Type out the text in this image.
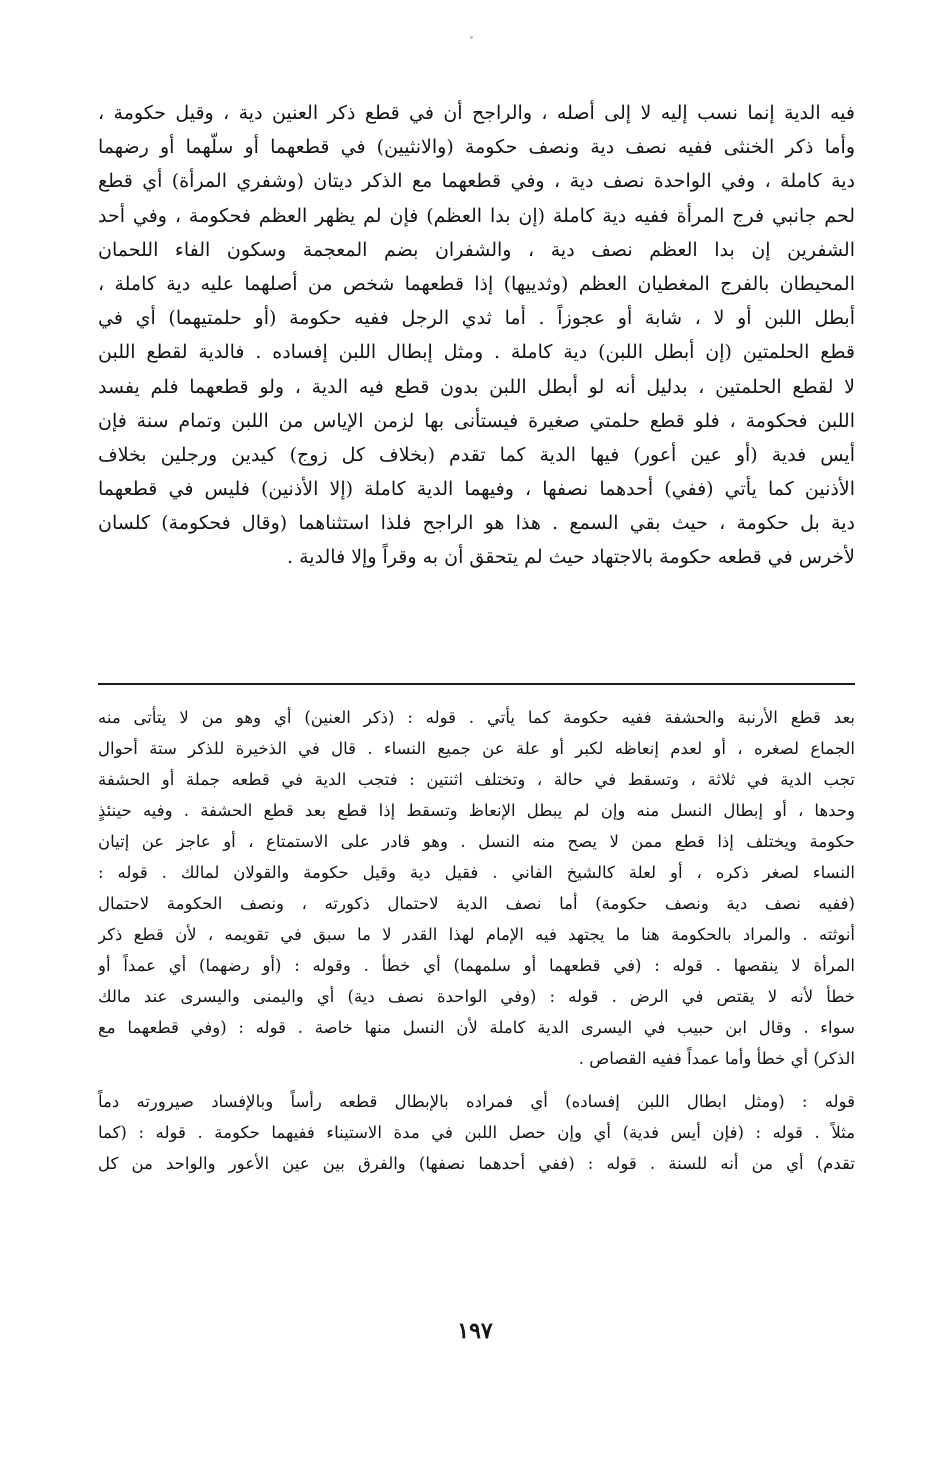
فيه الدية إنما نسب إليه لا إلى أصله ، والراجح أن في قطع ذكر العنين دية ، وقيل حكومة ،
وأما ذكر الخنثى ففيه نصف دية ونصف حكومة (والانثيين) في قطعهما أو سلّهما أو رضهما
دية كاملة ، وفي الواحدة نصف دية ، وفي قطعهما مع الذكر ديتان (وشفري المرأة) أي قطع
لحم جانبي فرج المرأة ففيه دية كاملة (إن بدا العظم) فإن لم يظهر العظم فحكومة ، وفي أحد
الشفرين إن بدا العظم نصف دية ، والشفران بضم المعجمة وسكون الفاء اللحمان
المحيطان بالفرج المغطيان العظم (وثدييها) إذا قطعهما شخص من أصلهما عليه دية كاملة ،
أبطل اللبن أو لا ، شابة أو عجوزاً . أما ثدي الرجل ففيه حكومة (أو حلمتيهما) أي في
قطع الحلمتين (إن أبطل اللبن) دية كاملة . ومثل إبطال اللبن إفساده . فالدية لقطع اللبن
لا لقطع الحلمتين ، بدليل أنه لو أبطل اللبن بدون قطع فيه الدية ، ولو قطعهما فلم يفسد
اللبن فحكومة ، فلو قطع حلمتي صغيرة فيستأنى بها لزمن الإياس من اللبن وتمام سنة فإن
أيس فدية (أو عين أعور) فيها الدية كما تقدم (بخلاف كل زوج) كيدين ورجلين بخلاف
الأذنين كما يأتي (ففي) أحدهما نصفها ، وفيهما الدية كاملة (إلا الأذنين) فليس في قطعهما
دية بل حكومة ، حيث بقي السمع . هذا هو الراجح فلذا استثناهما (وقال فحكومة) كلسان
لأخرس في قطعه حكومة بالاجتهاد حيث لم يتحقق أن به وقراً وإلا فالدية .
بعد قطع الأرنبة والحشفة ففيه حكومة كما يأتي . قوله : (ذكر العنين) أي وهو من لا يتأتى منه
الجماع لصغره ، أو لعدم إنعاظه لكبر أو علة عن جميع النساء . قال في الذخيرة للذكر ستة أحوال
تجب الدية في ثلاثة ، وتسقط في حالة ، وتختلف اثنتين : فتجب الدية في قطعه جملة أو الحشفة
وحدها ، أو إبطال النسل منه وإن لم يبطل الإنعاظ وتسقط إذا قطع بعد قطع الحشفة . وفيه حينئذٍ
حكومة ويختلف إذا قطع ممن لا يصح منه النسل . وهو قادر على الاستمتاع ، أو عاجز عن إتيان
النساء لصغر ذكره ، أو لعلة كالشيخ الفاني . فقيل دية وقيل حكومة والقولان لمالك . قوله :
(ففيه نصف دية ونصف حكومة) أما نصف الدية لاحتمال ذكورته ، ونصف الحكومة لاحتمال
أنوثته . والمراد بالحكومة هنا ما يجتهد فيه الإمام لهذا القدر لا ما سبق في تقويمه ، لأن قطع ذكر
المرأة لا ينقصها . قوله : (في قطعهما أو سلمهما) أي خطأ . وقوله : (أو رضهما) أي عمداً أو
خطأ لأنه لا يقتص في الرض . قوله : (وفي الواحدة نصف دية) أي واليمنى واليسرى عند مالك
سواء . وقال ابن حبيب في اليسرى الدية كاملة لأن النسل منها خاصة . قوله : (وفي قطعهما مع
الذكر) أي خطأ وأما عمداً ففيه القصاص .
قوله : (ومثل ابطال اللبن إفساده) أي فمراده بالإبطال قطعه رأساً وبالإفساد صيرورته دماً
مثلاً . قوله : (فإن أيس فدية) أي وإن حصل اللبن في مدة الاستيناء ففيهما حكومة . قوله : (كما
تقدم) أي من أنه للسنة . قوله : (ففي أحدهما نصفها) والفرق بين عين الأعور والواحد من كل
١٩٧
